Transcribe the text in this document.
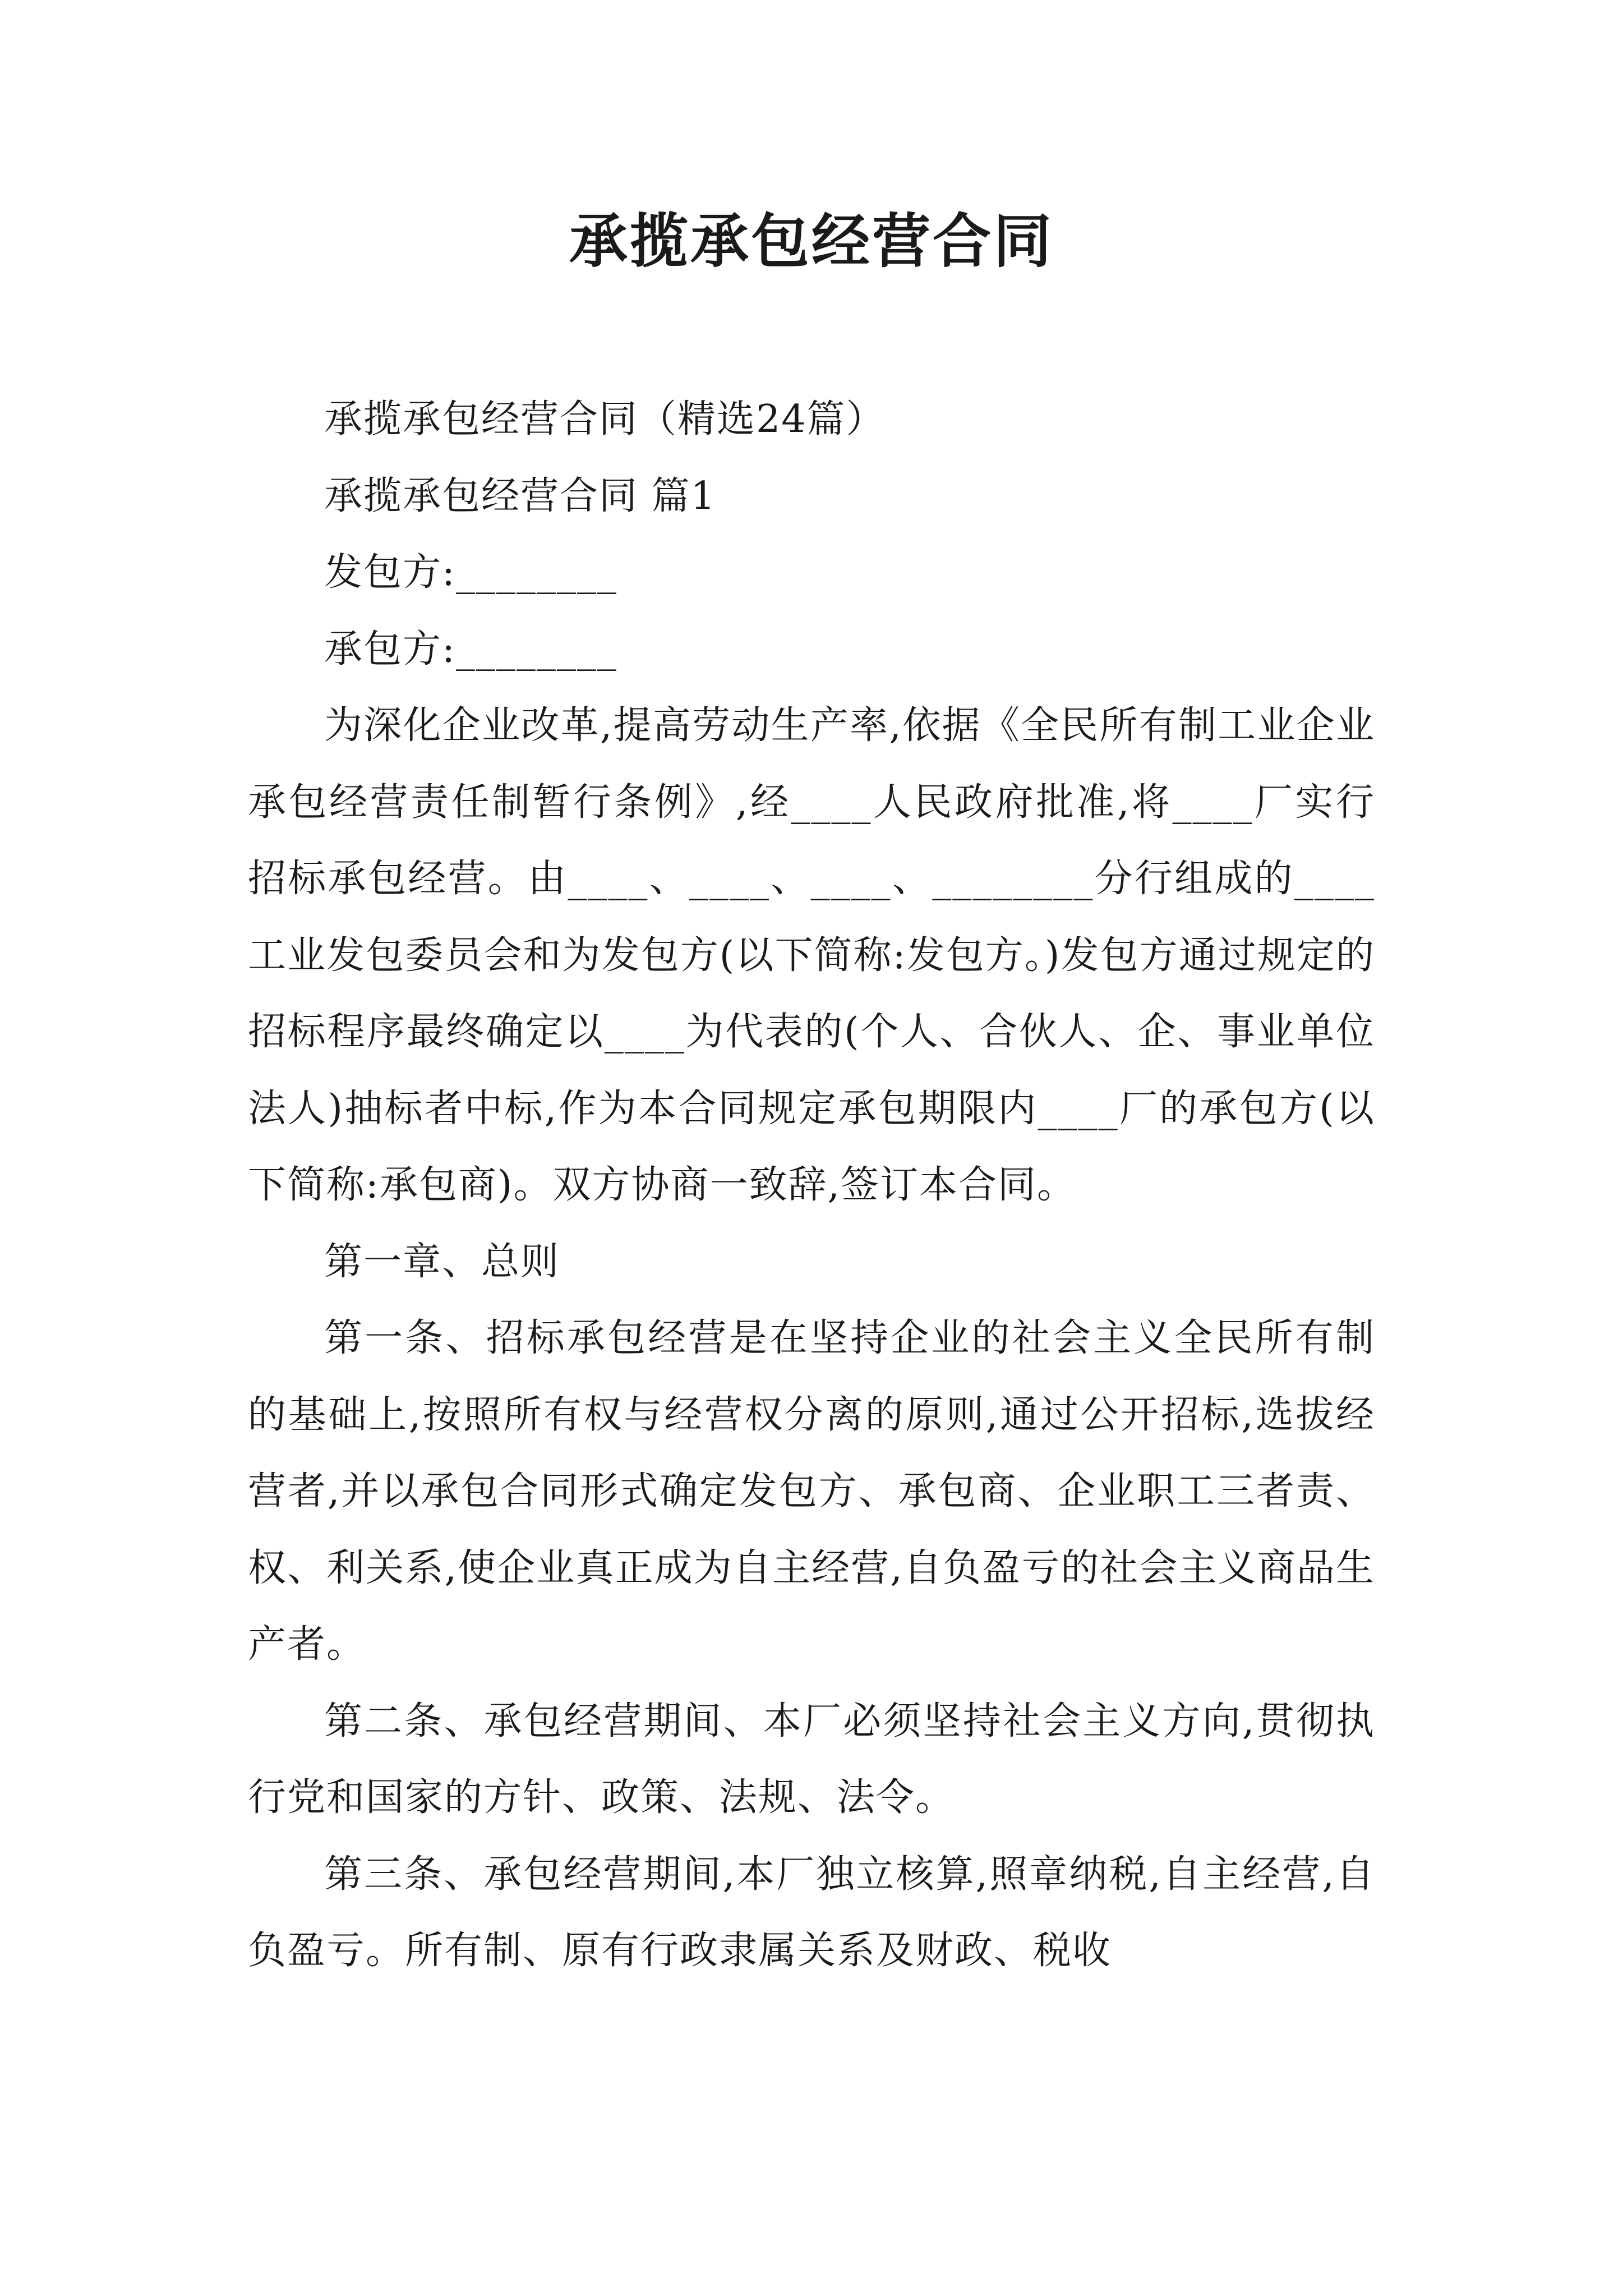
承揽承包经营合同

承揽承包经营合同（精选24篇）

承揽承包经营合同 篇1

发包方:________

承包方:________

为深化企业改革,提高劳动生产率,依据《全民所有制工业企业承包经营责任制暂行条例》,经____人民政府批准,将____厂实行招标承包经营。由____、____、____、________分行组成的____工业发包委员会和为发包方(以下简称:发包方。)发包方通过规定的招标程序最终确定以____为代表的(个人、合伙人、企、事业单位法人)抽标者中标,作为本合同规定承包期限内____厂的承包方(以下简称:承包商)。双方协商一致辞,签订本合同。

第一章、总则

第一条、招标承包经营是在坚持企业的社会主义全民所有制的基础上,按照所有权与经营权分离的原则,通过公开招标,选拔经营者,并以承包合同形式确定发包方、承包商、企业职工三者责、权、利关系,使企业真正成为自主经营,自负盈亏的社会主义商品生产者。

第二条、承包经营期间、本厂必须坚持社会主义方向,贯彻执行党和国家的方针、政策、法规、法令。

第三条、承包经营期间,本厂独立核算,照章纳税,自主经营,自负盈亏。所有制、原有行政隶属关系及财政、税收
